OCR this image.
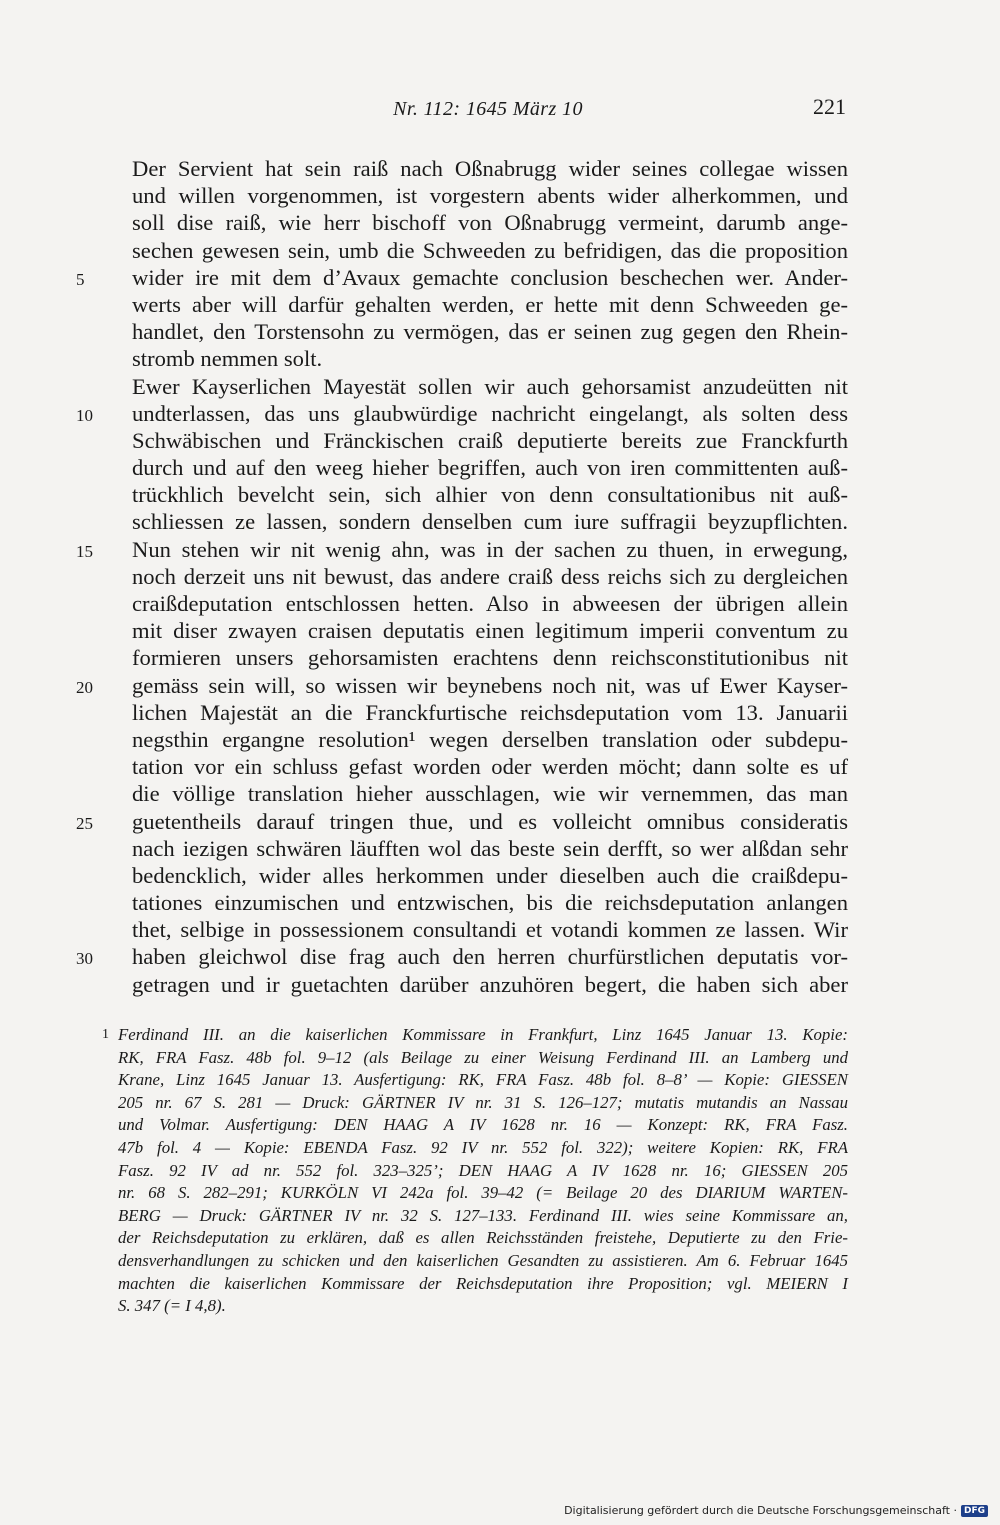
Nr. 112: 1645 März 10	221
Der Servient hat sein raiß nach Oßnabrugg wider seines collegae wissen
und willen vorgenommen, ist vorgestern abents wider alherkommen, und
soll dise raiß, wie herr bischoff von Oßnabrugg vermeint, darumb ange-
sechen gewesen sein, umb die Schweeden zu befridigen, das die proposition
5	wider ire mit dem d’Avaux gemachte conclusion beschechen wer. Ander-
werts aber will darfür gehalten werden, er hette mit denn Schweeden ge-
handlet, den Torstensohn zu vermögen, das er seinen zug gegen den Rhein-
stromb nemmen solt.
Ewer Kayserlichen Mayestät sollen wir auch gehorsamist anzudeütten nit
10	undterlassen, das uns glaubwürdige nachricht eingelangt, als solten dess
Schwäbischen und Fränckischen craiß deputierte bereits zue Franckfurth
durch und auf den weeg hieher begriffen, auch von iren committenten auß-
trückhlich bevelcht sein, sich alhier von denn consultationibus nit auß-
schliessen ze lassen, sondern denselben cum iure suffragii beyzupflichten.
15	Nun stehen wir nit wenig ahn, was in der sachen zu thuen, in erwegung,
noch derzeit uns nit bewust, das andere craiß dess reichs sich zu dergleichen
craißdeputation entschlossen hetten. Also in abweesen der übrigen allein
mit diser zwayen craisen deputatis einen legitimum imperii conventum zu
formieren unsers gehorsamisten erachtens denn reichsconstitutionibus nit
20	gemäss sein will, so wissen wir beynebens noch nit, was uf Ewer Kayser-
lichen Majestät an die Franckfurtische reichsdeputation vom 13. Januarii
negsthin ergangne resolution¹ wegen derselben translation oder subdepu-
tation vor ein schluss gefast worden oder werden möcht; dann solte es uf
die völlige translation hieher ausschlagen, wie wir vernemmen, das man
25	guetentheils darauf tringen thue, und es volleicht omnibus consideratis
nach iezigen schwären läufften wol das beste sein derfft, so wer alßdan sehr
bedencklich, wider alles herkommen under dieselben auch die craißdepu-
tationes einzumischen und entzwischen, bis die reichsdeputation anlangen
thet, selbige in possessionem consultandi et votandi kommen ze lassen. Wir
30	haben gleichwol dise frag auch den herren churfürstlichen deputatis vor-
getragen und ir guetachten darüber anzuhören begert, die haben sich aber
1 Ferdinand III. an die kaiserlichen Kommissare in Frankfurt, Linz 1645 Januar 13. Kopie:
RK, FRA Fasz. 48b fol. 9–12 (als Beilage zu einer Weisung Ferdinand III. an Lamberg und
Krane, Linz 1645 Januar 13. Ausfertigung: RK, FRA Fasz. 48b fol. 8–8’ — Kopie: GIESSEN
205 nr. 67 S. 281 — Druck: GÄRTNER IV nr. 31 S. 126–127; mutatis mutandis an Nassau
und Volmar. Ausfertigung: DEN HAAG A IV 1628 nr. 16 — Konzept: RK, FRA Fasz.
47b fol. 4 — Kopie: EBENDA Fasz. 92 IV nr. 552 fol. 322); weitere Kopien: RK, FRA
Fasz. 92 IV ad nr. 552 fol. 323–325’; DEN HAAG A IV 1628 nr. 16; GIESSEN 205
nr. 68 S. 282–291; KURKÖLN VI 242a fol. 39–42 (= Beilage 20 des DIARIUM WARTEN-
BERG — Druck: GÄRTNER IV nr. 32 S. 127–133. Ferdinand III. wies seine Kommissare an,
der Reichsdeputation zu erklären, daß es allen Reichsständen freistehe, Deputierte zu den Frie-
densverhandlungen zu schicken und den kaiserlichen Gesandten zu assistieren. Am 6. Februar 1645
machten die kaiserlichen Kommissare der Reichsdeputation ihre Proposition; vgl. MEIERN I
S. 347 (= I 4,8).
Digitalisierung gefördert durch die Deutsche Forschungsgemeinschaft · DFG
